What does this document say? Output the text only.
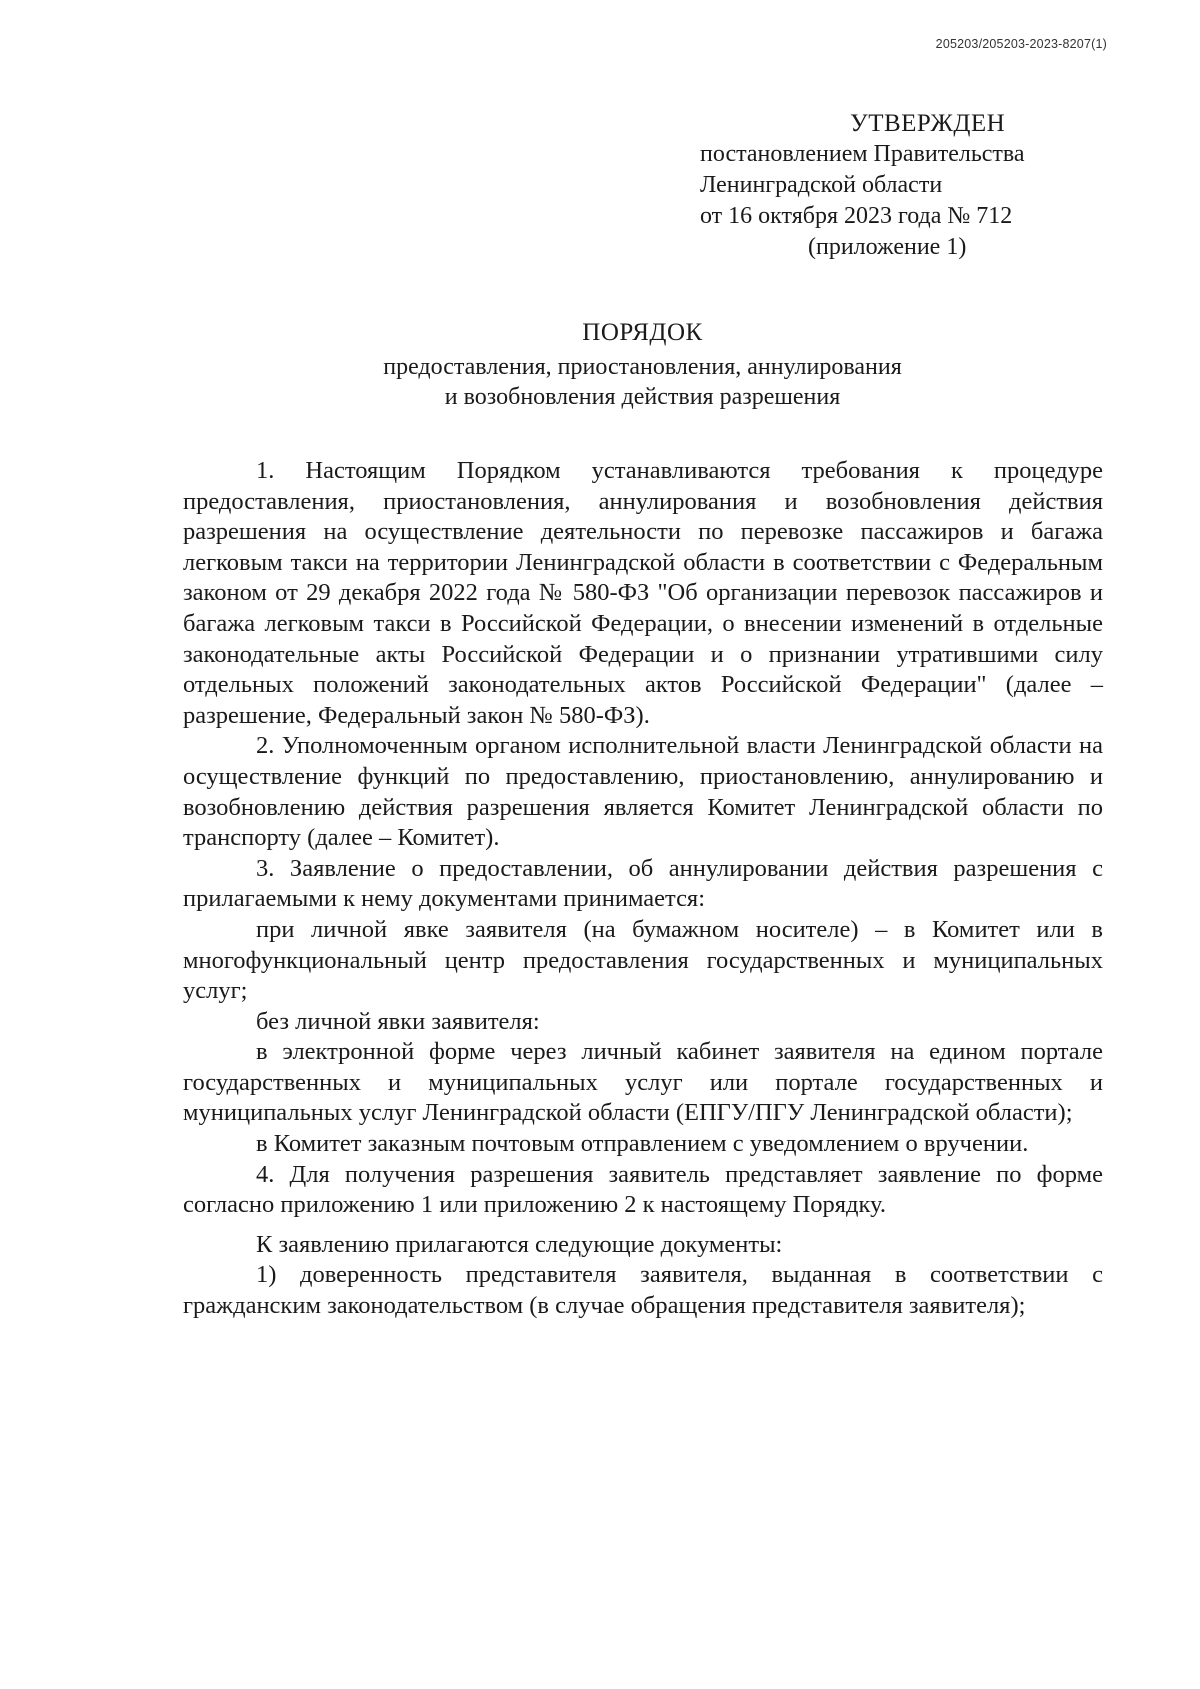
205203/205203-2023-8207(1)
УТВЕРЖДЕН
постановлением Правительства
Ленинградской области
от 16 октября 2023 года № 712
(приложение 1)
ПОРЯДОК
предоставления, приостановления, аннулирования
и возобновления действия разрешения

1. Настоящим Порядком устанавливаются требования к процедуре предоставления, приостановления, аннулирования и возобновления действия разрешения на осуществление деятельности по перевозке пассажиров и багажа легковым такси на территории Ленинградской области в соответствии с Федеральным законом от 29 декабря 2022 года № 580-ФЗ "Об организации перевозок пассажиров и багажа легковым такси в Российской Федерации, о внесении изменений в отдельные законодательные акты Российской Федерации и о признании утратившими силу отдельных положений законодательных актов Российской Федерации" (далее – разрешение, Федеральный закон № 580-ФЗ).

2. Уполномоченным органом исполнительной власти Ленинградской области на осуществление функций по предоставлению, приостановлению, аннулированию и возобновлению действия разрешения является Комитет Ленинградской области по транспорту (далее – Комитет).

3. Заявление о предоставлении, об аннулировании действия разрешения с прилагаемыми к нему документами принимается:

при личной явке заявителя (на бумажном носителе) – в Комитет или в многофункциональный центр предоставления государственных и муниципальных услуг;

без личной явки заявителя:

в электронной форме через личный кабинет заявителя на едином портале государственных и муниципальных услуг или портале государственных и муниципальных услуг Ленинградской области (ЕПГУ/ПГУ Ленинградской области);

в Комитет заказным почтовым отправлением с уведомлением о вручении.

4. Для получения разрешения заявитель представляет заявление по форме согласно приложению 1 или приложению 2 к настоящему Порядку.

К заявлению прилагаются следующие документы:

1) доверенность представителя заявителя, выданная в соответствии с гражданским законодательством (в случае обращения представителя заявителя);
